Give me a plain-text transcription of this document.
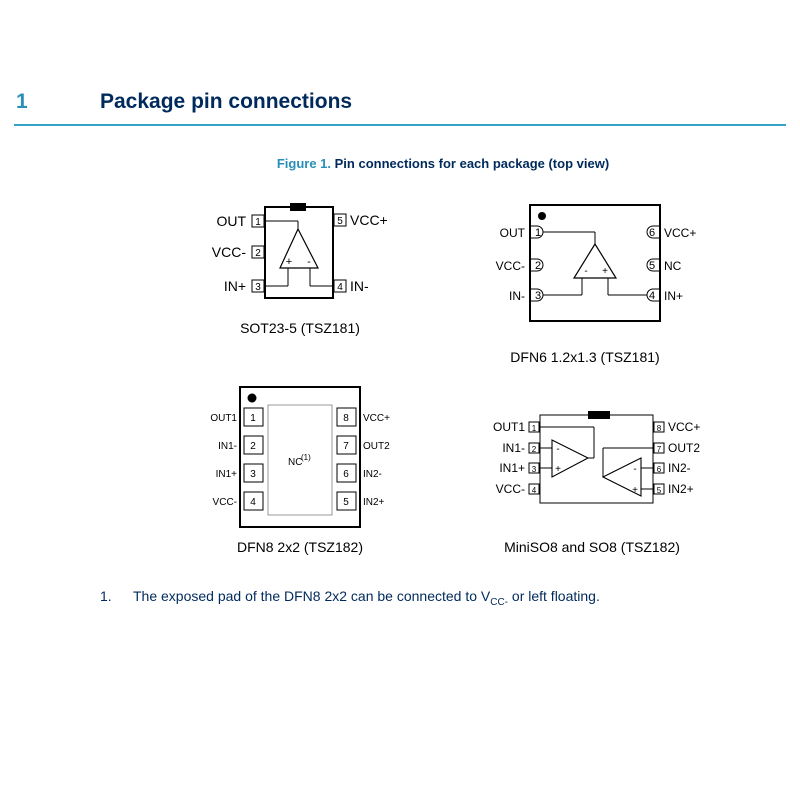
1	Package pin connections
Figure 1. Pin connections for each package (top view)
OUT 1
VCC- 2
IN+ 3	IN-
4
VCC+
5
+ -
SOT23-5 (TSZ181)
OUT 1
VCC- 2
IN- 3	IN+
4
NC
5
VCC+
6
- +
DFN6 1.2x1.3 (TSZ181)
OUT1 1
IN1- 2
IN1+ 3
VCC- 4	IN2+
5
IN2-
6
OUT2
7
VCC+
8
NC
(1)
DFN8 2x2 (TSZ182)
OUT1 1
IN1- 2
IN1+ 3
VCC- 4	IN2+
5
IN2-
6
OUT2
7
VCC+
8
-
+	-
+
MiniSO8 and SO8 (TSZ182)
1. The exposed pad of the DFN8 2x2 can be connected to $V_{CC-}$ or left floating.
